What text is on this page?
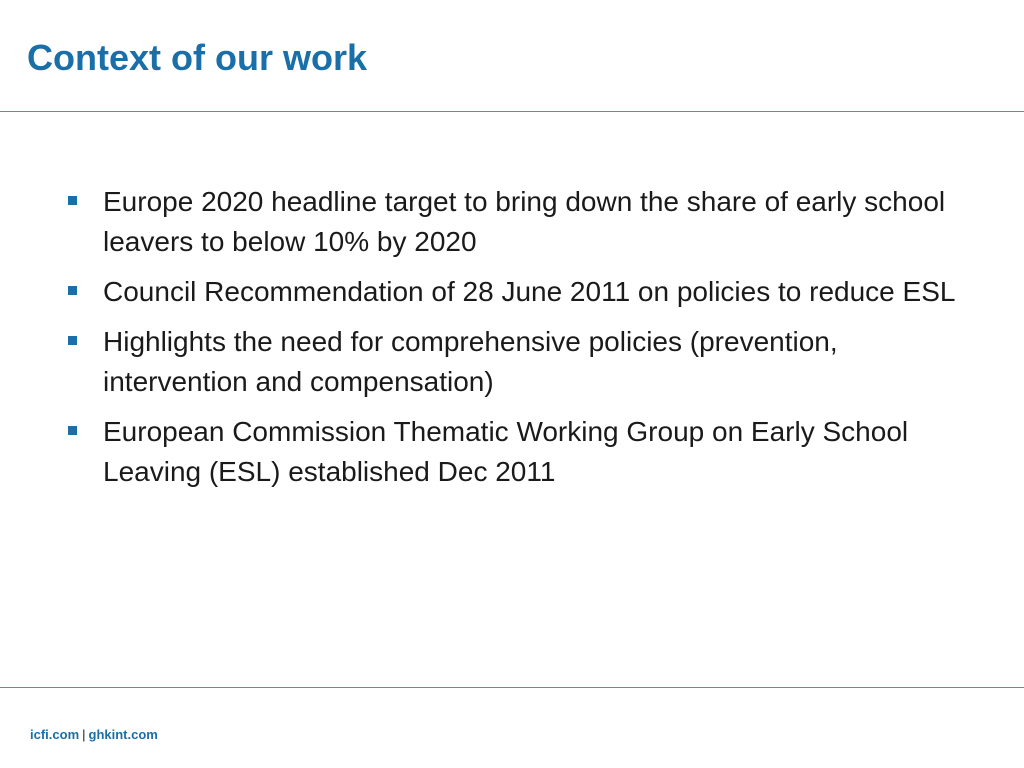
Context of our work
Europe 2020 headline target to bring down the share of early school leavers to below 10% by 2020
Council Recommendation of 28 June 2011 on policies to reduce ESL
Highlights the need for comprehensive policies (prevention, intervention and compensation)
European Commission Thematic Working Group on Early School Leaving (ESL) established Dec 2011
icfi.com | ghkint.com
